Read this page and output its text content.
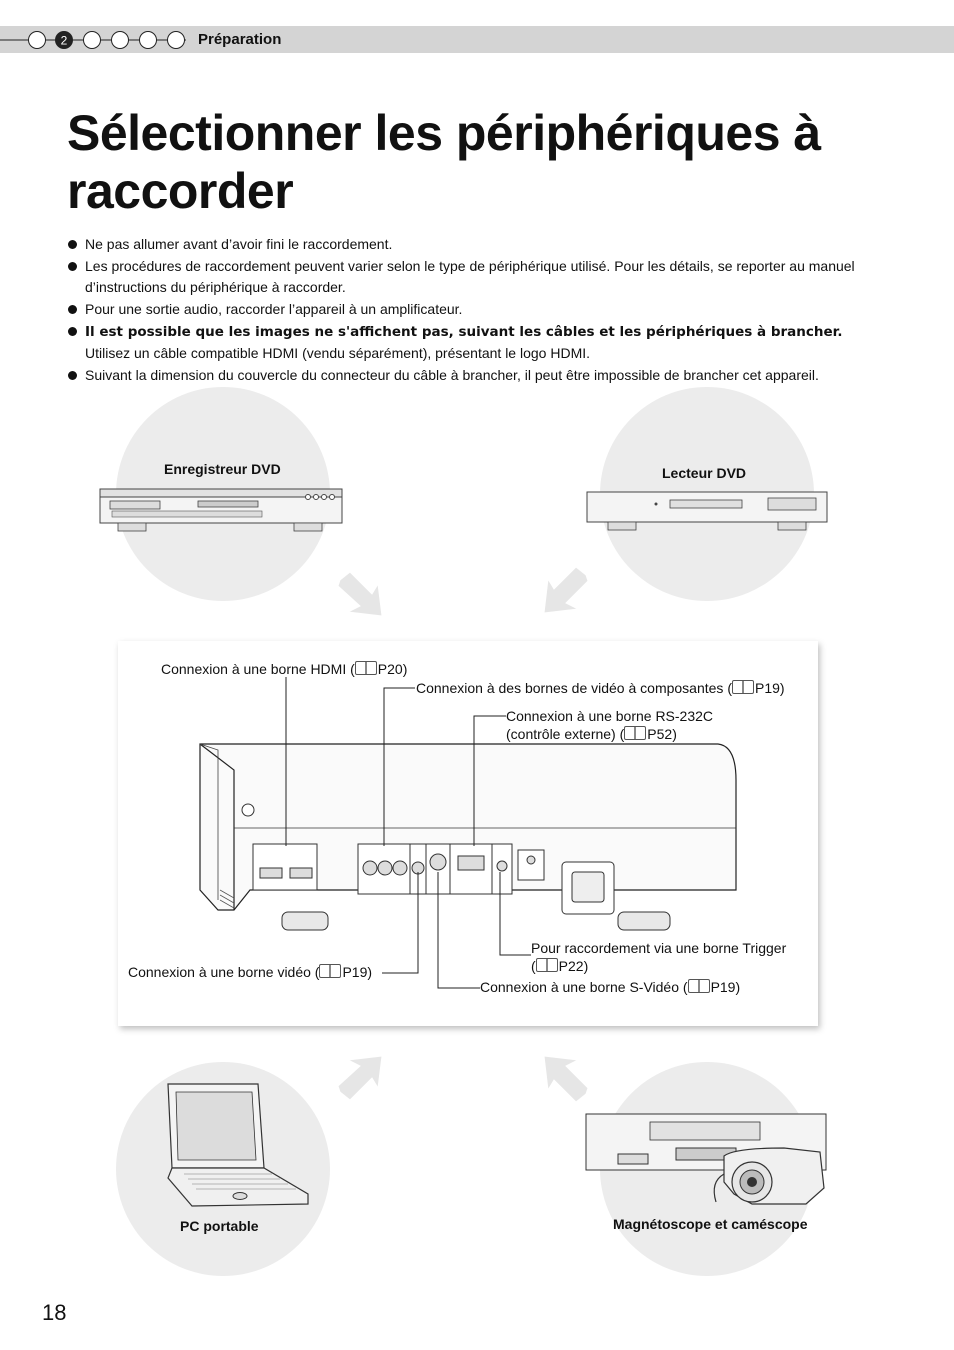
2	Préparation
Sélectionner les périphériques à raccorder
Ne pas allumer avant d’avoir fini le raccordement.
Les procédures de raccordement peuvent varier selon le type de périphérique utilisé. Pour les détails, se reporter au manuel d’instructions du périphérique à raccorder.
Pour une sortie audio, raccorder l’appareil à un amplificateur.
Il est possible que les images ne s'affichent pas, suivant les câbles et les périphériques à brancher.
Utilisez un câble compatible HDMI (vendu séparément), présentant le logo HDMI.
Suivant la dimension du couvercle du connecteur du câble à brancher, il peut être impossible de brancher cet appareil.
Enregistreur DVD	Lecteur DVD
PC portable	Magnétoscope et caméscope
Connexion à une borne HDMI ( P20)
Connexion à des bornes de vidéo à composantes ( P19)
Connexion à une borne RS-232C
(contrôle externe) ( P52)
Pour raccordement via une borne Trigger
( P22)
Connexion à une borne vidéo ( P19)
Connexion à une borne S-Vidéo ( P19)
18
